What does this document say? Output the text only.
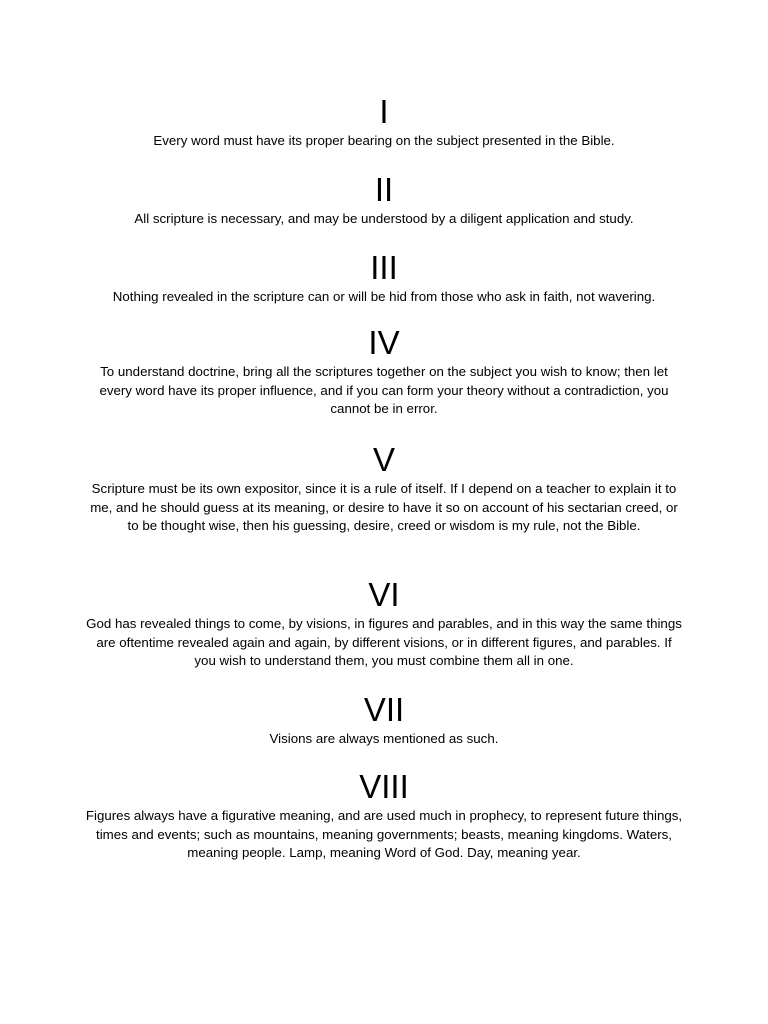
I

Every word must have its proper bearing on the subject presented in the Bible.

II

All scripture is necessary, and may be understood by a diligent application and study.

III

Nothing revealed in the scripture can or will be hid from those who ask in faith, not wavering.

IV

To understand doctrine, bring all the scriptures together on the subject you wish to know; then let every word have its proper influence, and if you can form your theory without a contradiction, you cannot be in error.

V

Scripture must be its own expositor, since it is a rule of itself. If I depend on a teacher to explain it to me, and he should guess at its meaning, or desire to have it so on account of his sectarian creed, or to be thought wise, then his guessing, desire, creed or wisdom is my rule, not the Bible.

VI

God has revealed things to come, by visions, in figures and parables, and in this way the same things are oftentime revealed again and again, by different visions, or in different figures, and parables. If you wish to understand them, you must combine them all in one.

VII

Visions are always mentioned as such.

VIII

Figures always have a figurative meaning, and are used much in prophecy, to represent future things, times and events; such as mountains, meaning governments; beasts, meaning kingdoms. Waters, meaning people. Lamp, meaning Word of God. Day, meaning year.
